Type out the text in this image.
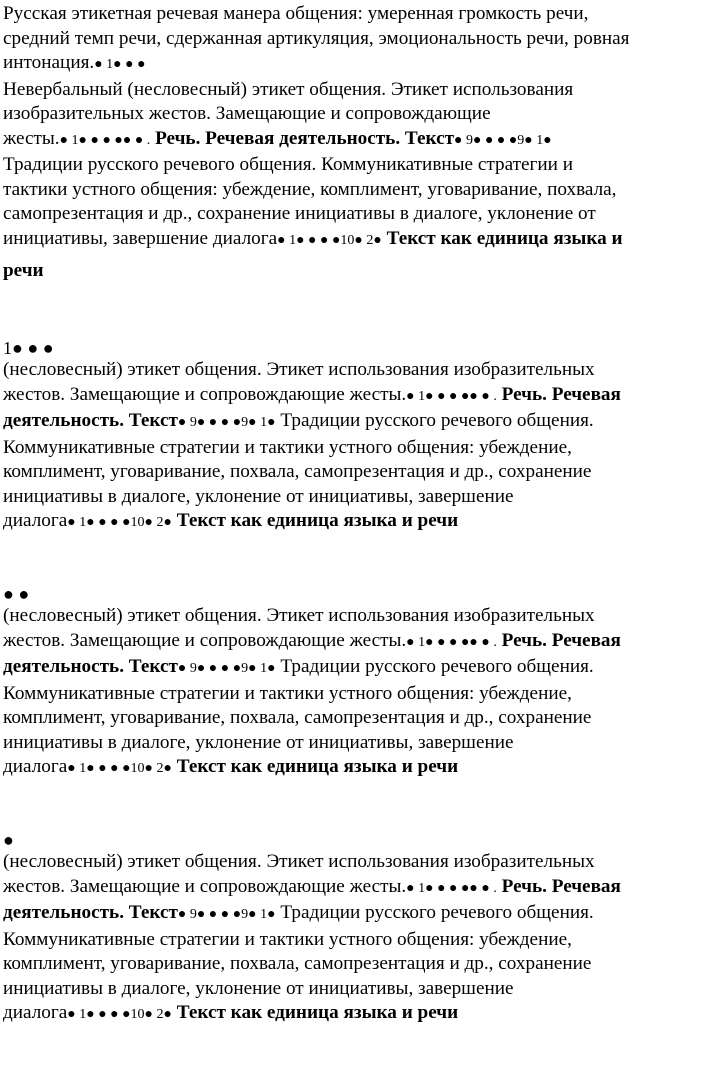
Русская этикетная речевая манера общения: умеренная громкость речи,
средний темп речи, сдержанная артикуляция, эмоциональность речи, ровная
интонация.● 1● ● ●
Невербальный (несловесный) этикет общения. Этикет использования
изобразительных жестов. Замещающие и сопровождающие
жесты.● 1● ● ● ●● ● . Речь. Речевая деятельность. Текст● 9● ● ● ●9● 1●
Традиции русского речевого общения. Коммуникативные стратегии и
тактики устного общения: убеждение, комплимент, уговаривание, похвала,
самопрезентация и др., сохранение инициативы в диалоге, уклонение от
инициативы, завершение диалога● 1● ● ● ●10● 2● Текст как единица языка и
речи
1● ● ●
(несловесный) этикет общения. Этикет использования изобразительных
жестов. Замещающие и сопровождающие жесты.● 1● ● ● ●● ● . Речь. Речевая
деятельность. Текст● 9● ● ● ●9● 1● Традиции русского речевого общения.
Коммуникативные стратегии и тактики устного общения: убеждение,
комплимент, уговаривание, похвала, самопрезентация и др., сохранение
инициативы в диалоге, уклонение от инициативы, завершение
диалога● 1● ● ● ●10● 2● Текст как единица языка и речи
● ●
(несловесный) этикет общения. Этикет использования изобразительных
жестов. Замещающие и сопровождающие жесты.● 1● ● ● ●● ● . Речь. Речевая
деятельность. Текст● 9● ● ● ●9● 1● Традиции русского речевого общения.
Коммуникативные стратегии и тактики устного общения: убеждение,
комплимент, уговаривание, похвала, самопрезентация и др., сохранение
инициативы в диалоге, уклонение от инициативы, завершение
диалога● 1● ● ● ●10● 2● Текст как единица языка и речи
●
(несловесный) этикет общения. Этикет использования изобразительных
жестов. Замещающие и сопровождающие жесты.● 1● ● ● ●● ● . Речь. Речевая
деятельность. Текст● 9● ● ● ●9● 1● Традиции русского речевого общения.
Коммуникативные стратегии и тактики устного общения: убеждение,
комплимент, уговаривание, похвала, самопрезентация и др., сохранение
инициативы в диалоге, уклонение от инициативы, завершение
диалога● 1● ● ● ●10● 2● Текст как единица языка и речи
